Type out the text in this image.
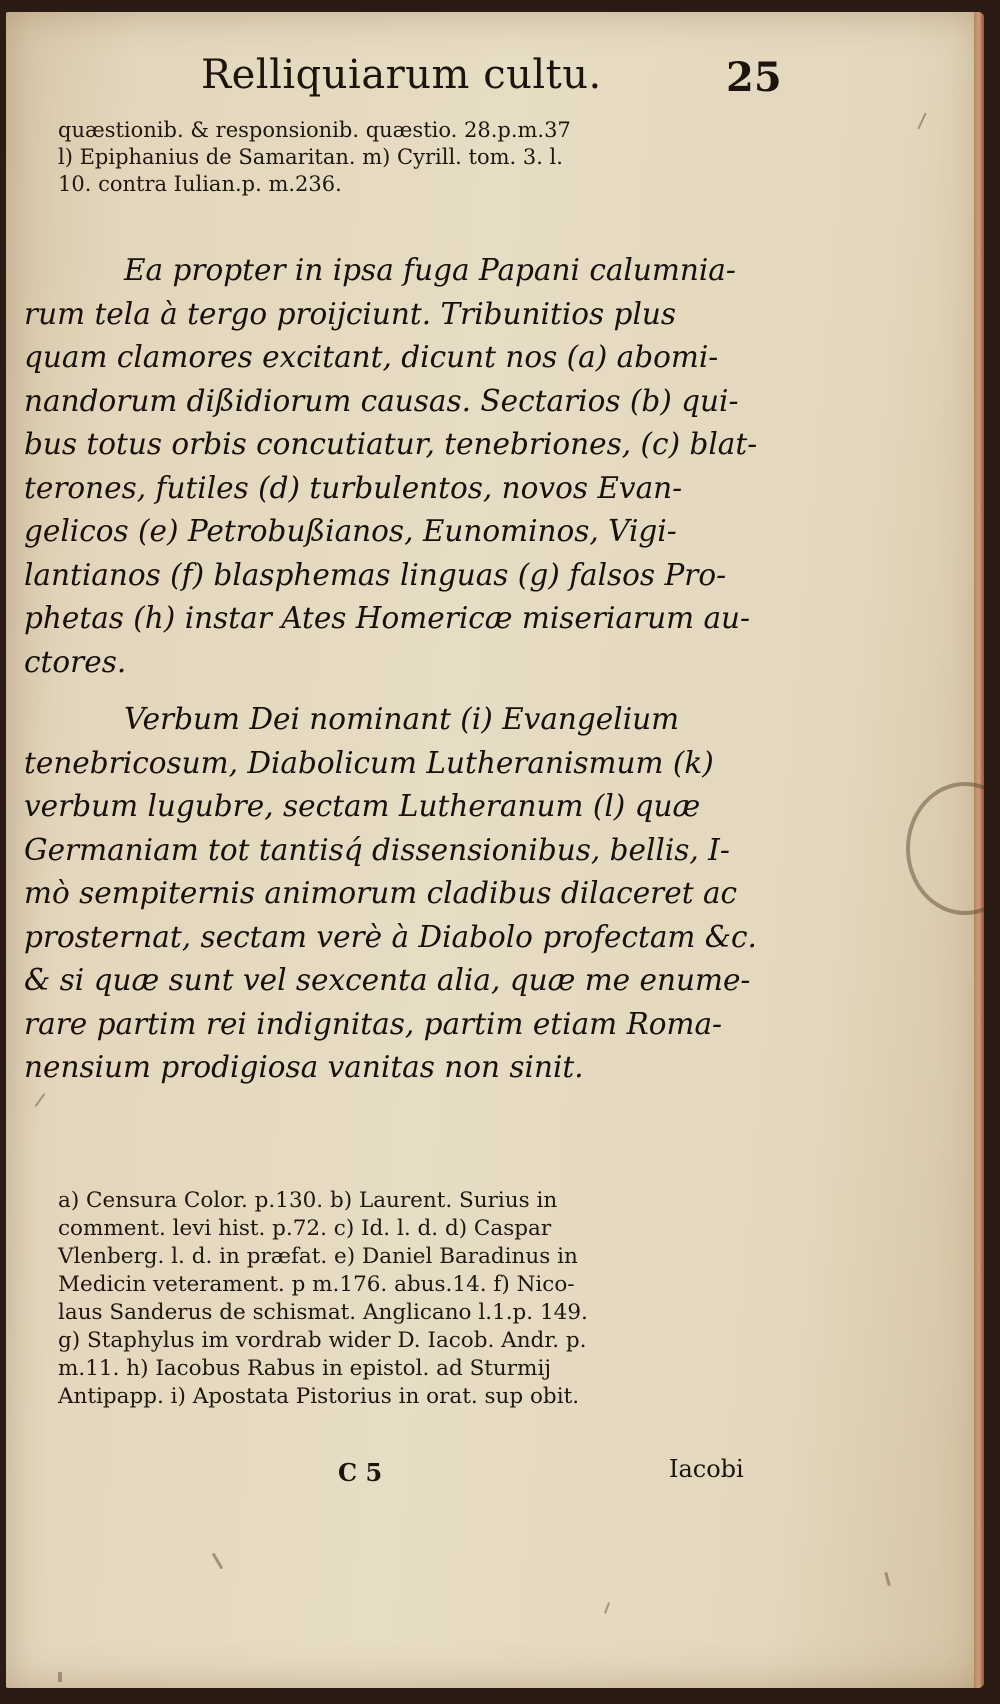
Relliquiarum cultu.	25
quæstionib. & responsionib. quæstio. 28.p.m.37
l) Epiphanius de Samaritan. m) Cyrill. tom. 3. l.
10. contra Iulian.p. m.236.
Ea propter in ipsa fuga Papani calumnia-
rum tela à tergo proijciunt. Tribunitios plus
quam clamores excitant, dicunt nos (a) abomi-
nandorum dißidiorum causas. Sectarios (b) qui-
bus totus orbis concutiatur, tenebriones, (c) blat-
terones, futiles (d) turbulentos, novos Evan-
gelicos (e) Petrobußianos, Eunominos, Vigi-
lantianos (f) blasphemas linguas (g) falsos Pro-
phetas (h) instar Ates Homericæ miseriarum au-
ctores.
Verbum Dei nominant (i) Evangelium
tenebricosum, Diabolicum Lutheranismum (k)
verbum lugubre, sectam Lutheranum (l) quæ
Germaniam tot tantisq́ dissensionibus, bellis, I-
mò sempiternis animorum cladibus dilaceret ac
prosternat, sectam verè à Diabolo profectam &c.
& si quæ sunt vel sexcenta alia, quæ me enume-
rare partim rei indignitas, partim etiam Roma-
nensium prodigiosa vanitas non sinit.
a) Censura Color. p.130. b) Laurent. Surius in
comment. levi hist. p.72. c) Id. l. d. d) Caspar
Vlenberg. l. d. in præfat. e) Daniel Baradinus in
Medicin veterament. p m.176. abus.14. f) Nico-
laus Sanderus de schismat. Anglicano l.1.p. 149.
g) Staphylus im vordrab wider D. Iacob. Andr. p.
m.11. h) Iacobus Rabus in epistol. ad Sturmij
Antipapp. i) Apostata Pistorius in orat. sup obit.
C 5	Iacobi
